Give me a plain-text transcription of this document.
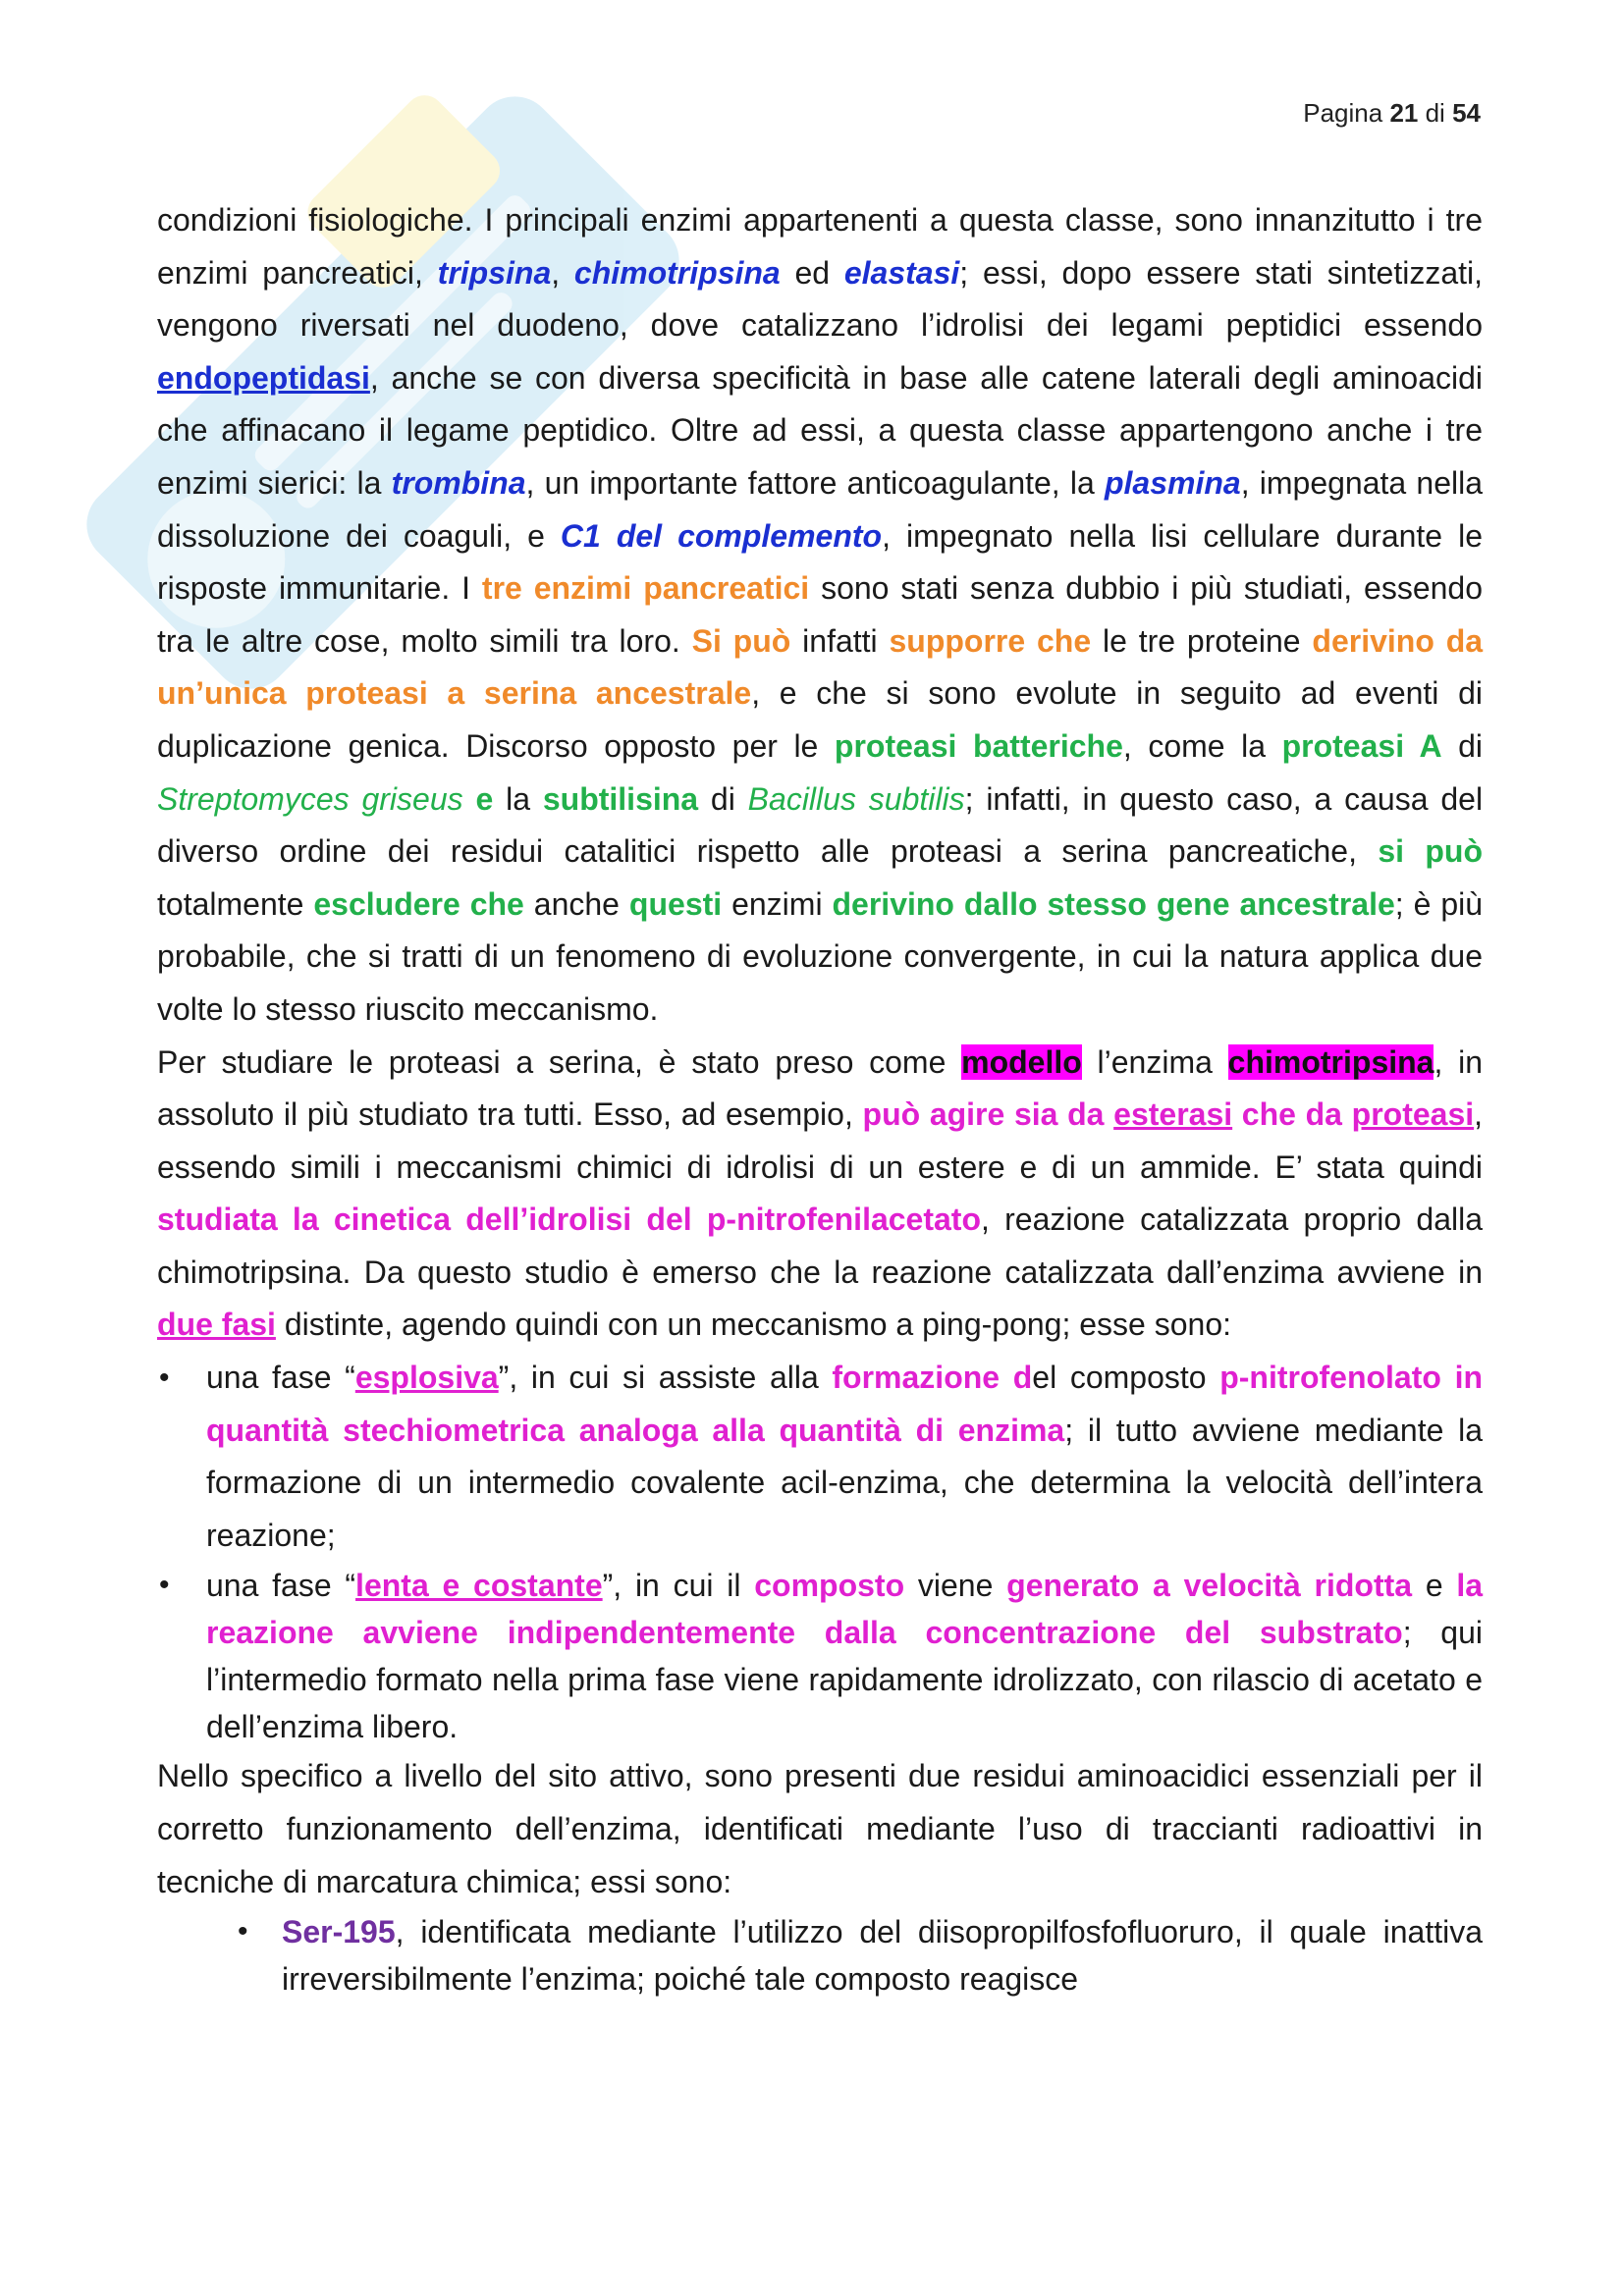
Pagina 21 di 54

condizioni fisiologiche. I principali enzimi appartenenti a questa classe, sono innanzitutto i tre enzimi pancreatici, tripsina, chimotripsina ed elastasi; essi, dopo essere stati sintetizzati, vengono riversati nel duodeno, dove catalizzano l’idrolisi dei legami peptidici essendo endopeptidasi, anche se con diversa specificità in base alle catene laterali degli aminoacidi che affinacano il legame peptidico. Oltre ad essi, a questa classe appartengono anche i tre enzimi sierici: la trombina, un importante fattore anticoagulante, la plasmina, impegnata nella dissoluzione dei coaguli, e C1 del complemento, impegnato nella lisi cellulare durante le risposte immunitarie. I tre enzimi pancreatici sono stati senza dubbio i più studiati, essendo tra le altre cose, molto simili tra loro. Si può infatti supporre che le tre proteine derivino da un’unica proteasi a serina ancestrale, e che si sono evolute in seguito ad eventi di duplicazione genica. Discorso opposto per le proteasi batteriche, come la proteasi A di Streptomyces griseus e la subtilisina di Bacillus subtilis; infatti, in questo caso, a causa del diverso ordine dei residui catalitici rispetto alle proteasi a serina pancreatiche, si può totalmente escludere che anche questi enzimi derivino dallo stesso gene ancestrale; è più probabile, che si tratti di un fenomeno di evoluzione convergente, in cui la natura applica due volte lo stesso riuscito meccanismo.

Per studiare le proteasi a serina, è stato preso come modello l’enzima chimotripsina, in assoluto il più studiato tra tutti. Esso, ad esempio, può agire sia da esterasi che da proteasi, essendo simili i meccanismi chimici di idrolisi di un estere e di un ammide. E’ stata quindi studiata la cinetica dell’idrolisi del p-nitrofenilacetato, reazione catalizzata proprio dalla chimotripsina. Da questo studio è emerso che la reazione catalizzata dall’enzima avviene in due fasi distinte, agendo quindi con un meccanismo a ping-pong; esse sono:

• una fase “esplosiva”, in cui si assiste alla formazione del composto p-nitrofenolato in quantità stechiometrica analoga alla quantità di enzima; il tutto avviene mediante la formazione di un intermedio covalente acil-enzima, che determina la velocità dell’intera reazione;
• una fase “lenta e costante”, in cui il composto viene generato a velocità ridotta e la reazione avviene indipendentemente dalla concentrazione del substrato; qui l’intermedio formato nella prima fase viene rapidamente idrolizzato, con rilascio di acetato e dell’enzima libero.

Nello specifico a livello del sito attivo, sono presenti due residui aminoacidici essenziali per il corretto funzionamento dell’enzima, identificati mediante l’uso di traccianti radioattivi in tecniche di marcatura chimica; essi sono:

• Ser-195, identificata mediante l’utilizzo del diisopropilfosfofluoruro, il quale inattiva irreversibilmente l’enzima; poiché tale composto reagisce
